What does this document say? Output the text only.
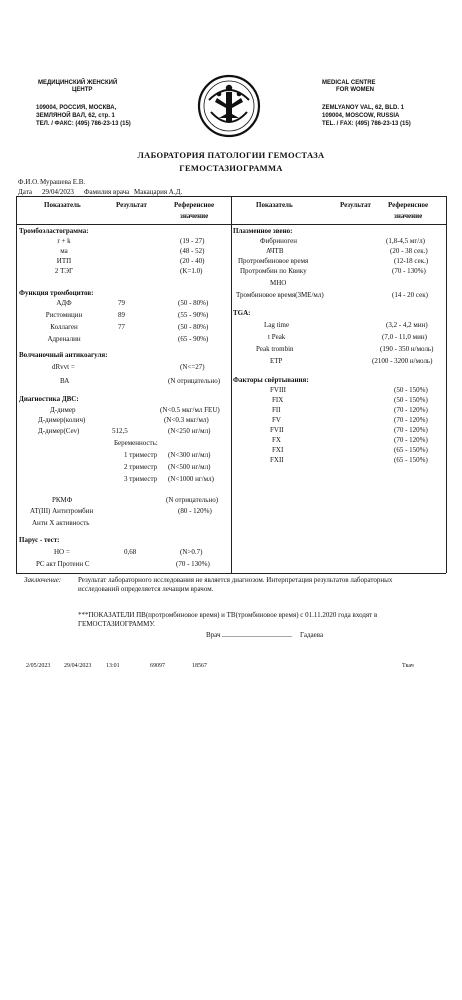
МЕДИЦИНСКИЙ ЖЕНСКИЙ
ЦЕНТР
109004, РОССИЯ, МОСКВА,
ЗЕМЛЯНОЙ ВАЛ, 62, стр. 1
ТЕЛ. / ФАКС: (495) 786-23-13 (15)
MEDICAL CENTRE
FOR WOMEN
ZEMLYANOY VAL, 62, BLD. 1
109004, MOSCOW, RUSSIA
TEL. / FAX: (495) 786-23-13 (15)
ЛАБОРАТОРИЯ ПАТОЛОГИИ ГЕМОСТАЗА
ГЕМОСТАЗИОГРАММА
Ф.И.О. Мурашева Е.В.
Дата 29/04/2023 Фамилия врача Макацария А.Д.
Показатель	Результат	Референсное
значение
Показатель	Результат Референсное
значение
Тромбоэластограмма:
r + k	(19 - 27)
ма	(48 - 52)
ИТП	(20 - 40)
2 ТЭГ	(K=1.0)
Функция тромбоцитов:
АДФ	79	(50 - 80%)
Ристомицин	89	(55 - 90%)
Коллаген	77	(50 - 80%)
Адреналин	(65 - 90%)
Волчаночный антикоагуля:
dRvvt =	(N<=27)
ВА	(N отрицательно)
Диагностика ДВС:
Д-димер	(N<0.5 мкг/мл FEU)
Д-димер(колич)	(N<0.3 мкг/мл)
Д-димер(Сev)	512,5	(N<250 нг/мл)
Беременность:
1 триместр (N<300 нг/мл)
2 триместр (N<500 нг/мл)
3 триместр (N<1000 нг/мл)
РКМФ	(N отрицательно)
АТ(III) Антитромбин	(80 - 120%)
Анти Х активность
Парус - тест:
НО =	0,68	(N>0.7)
PC акт Протеин С	(70 - 130%)
Плазменное звено:
Фибриноген	(1,8-4,5 мг/л)
АЧТВ	(20 - 38 сек.)
Протромбиновое время	(12-18 сек.)
Протромбин по Квику	(70 - 130%)
МНО
Тромбиновое время(3МЕ/мл)	(14 - 20 сек)
TGA:
Lag time	(3,2 - 4,2 мин)
t Peak	(7,0 - 11,0 мин)
Peak trombin	(190 - 350 н/моль)
ETP	(2100 - 3200 н/моль)
Факторы свёртывания:
FVIII	(50 - 150%)
FIX	(50 - 150%)
FII	(70 - 120%)
FV	(70 - 120%)
FVII	(70 - 120%)
FX	(70 - 120%)
FXI	(65 - 150%)
FXII	(65 - 150%)
Заключение: Результат лабораторного исследования не является диагнозом. Интерпретация результатов лабораторных
исследований определяется лечащим врачом.
***ПОКАЗАТЕЛИ ПВ(протромбиновое время) и ТВ(тромбиновое время) с 01.11.2020 года входят в
ГЕМОСТАЗИОГРАММУ.
Врач ____________________ Гадаева
2/05/2023 29/04/2023 13:01	69097	18567	Ткач
